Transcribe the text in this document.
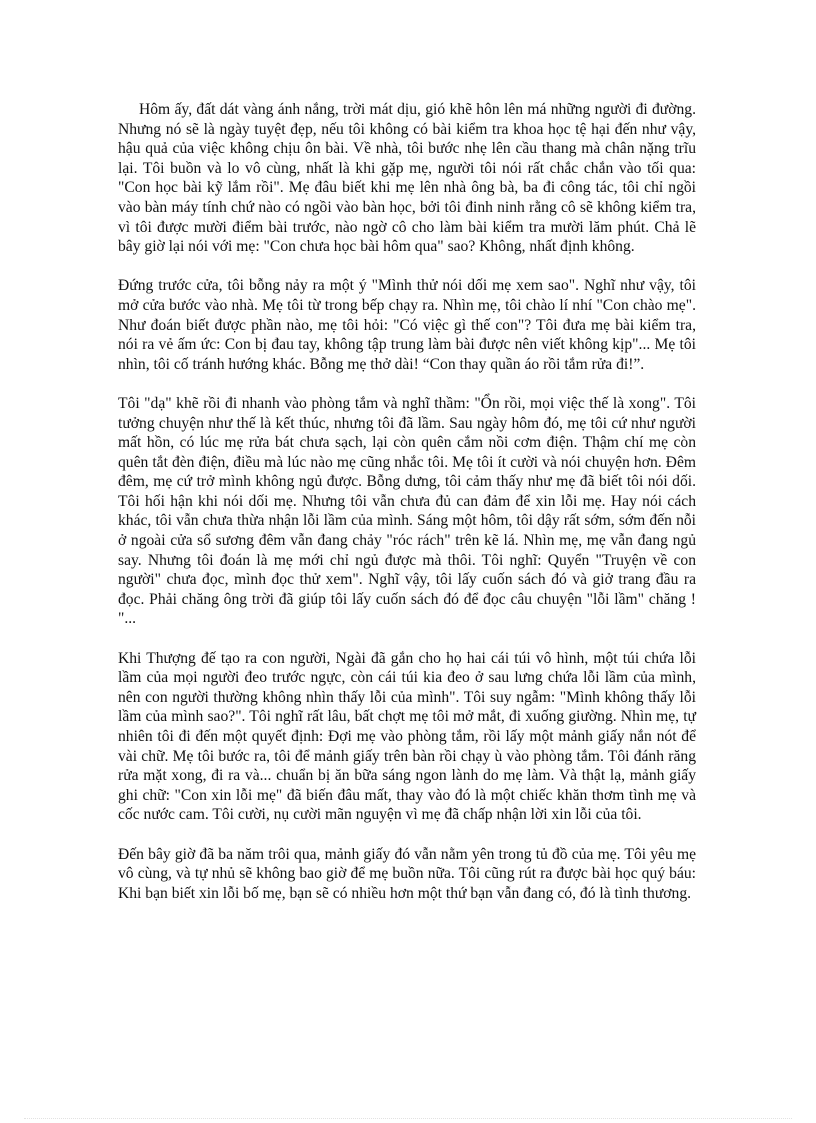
Hôm ấy, đất dát vàng ánh nắng, trời mát dịu, gió khẽ hôn lên má những người đi đường. Nhưng nó sẽ là ngày tuyệt đẹp, nếu tôi không có bài kiểm tra khoa học tệ hại đến như vậy, hậu quả của việc không chịu ôn bài. Về nhà, tôi bước nhẹ lên cầu thang mà chân nặng trĩu lại. Tôi buồn và lo vô cùng, nhất là khi gặp mẹ, người tôi nói rất chắc chắn vào tối qua: "Con học bài kỹ lắm rồi". Mẹ đâu biết khi mẹ lên nhà ông bà, ba đi công tác, tôi chỉ ngồi vào bàn máy tính chứ nào có ngồi vào bàn học, bởi tôi đinh ninh rằng cô sẽ không kiểm tra, vì tôi được mười điểm bài trước, nào ngờ cô cho làm bài kiểm tra mười lăm phút. Chả lẽ bây giờ lại nói với mẹ: "Con chưa học bài hôm qua" sao? Không, nhất định không.

Đứng trước cửa, tôi bỗng nảy ra một ý "Mình thử nói dối mẹ xem sao". Nghĩ như vậy, tôi mở cửa bước vào nhà. Mẹ tôi từ trong bếp chạy ra. Nhìn mẹ, tôi chào lí nhí "Con chào mẹ". Như đoán biết được phần nào, mẹ tôi hỏi: "Có việc gì thế con"? Tôi đưa mẹ bài kiểm tra, nói ra vẻ ấm ức: Con bị đau tay, không tập trung làm bài được nên viết không kịp"... Mẹ tôi nhìn, tôi cố tránh hướng khác. Bỗng mẹ thở dài! “Con thay quần áo rồi tắm rửa đi!”.

Tôi "dạ" khẽ rồi đi nhanh vào phòng tắm và nghĩ thầm: "Ổn rồi, mọi việc thế là xong". Tôi tưởng chuyện như thế là kết thúc, nhưng tôi đã lầm. Sau ngày hôm đó, mẹ tôi cứ như người mất hồn, có lúc mẹ rửa bát chưa sạch, lại còn quên cắm nồi cơm điện. Thậm chí mẹ còn quên tắt đèn điện, điều mà lúc nào mẹ cũng nhắc tôi. Mẹ tôi ít cười và nói chuyện hơn. Đêm đêm, mẹ cứ trở mình không ngủ được. Bỗng dưng, tôi cảm thấy như mẹ đã biết tôi nói dối. Tôi hối hận khi nói dối mẹ. Nhưng tôi vẫn chưa đủ can đảm để xin lỗi mẹ. Hay nói cách khác, tôi vẫn chưa thừa nhận lỗi lầm của mình. Sáng một hôm, tôi dậy rất sớm, sớm đến nỗi ở ngoài cửa sổ sương đêm vẫn đang chảy "róc rách" trên kẽ lá. Nhìn mẹ, mẹ vẫn đang ngủ say. Nhưng tôi đoán là mẹ mới chỉ ngủ được mà thôi. Tôi nghĩ: Quyển "Truyện về con người" chưa đọc, mình đọc thử xem". Nghĩ vậy, tôi lấy cuốn sách đó và giở trang đầu ra đọc. Phải chăng ông trời đã giúp tôi lấy cuốn sách đó để đọc câu chuyện "lỗi lầm" chăng ! "...

Khi Thượng đế tạo ra con người, Ngài đã gắn cho họ hai cái túi vô hình, một túi chứa lỗi lầm của mọi người đeo trước ngực, còn cái túi kia đeo ở sau lưng chứa lỗi lầm của mình, nên con người thường không nhìn thấy lỗi của mình". Tôi suy ngẫm: "Mình không thấy lỗi lầm của mình sao?". Tôi nghĩ rất lâu, bất chợt mẹ tôi mở mắt, đi xuống giường. Nhìn mẹ, tự nhiên tôi đi đến một quyết định: Đợi mẹ vào phòng tắm, rồi lấy một mảnh giấy nắn nót để vài chữ. Mẹ tôi bước ra, tôi để mảnh giấy trên bàn rồi chạy ù vào phòng tắm. Tôi đánh răng rửa mặt xong, đi ra và... chuẩn bị ăn bữa sáng ngon lành do mẹ làm. Và thật lạ, mảnh giấy ghi chữ: "Con xin lỗi mẹ" đã biến đâu mất, thay vào đó là một chiếc khăn thơm tình mẹ và cốc nước cam. Tôi cười, nụ cười mãn nguyện vì mẹ đã chấp nhận lời xin lỗi của tôi.

Đến bây giờ đã ba năm trôi qua, mảnh giấy đó vẫn nằm yên trong tủ đồ của mẹ. Tôi yêu mẹ vô cùng, và tự nhủ sẽ không bao giờ để mẹ buồn nữa. Tôi cũng rút ra được bài học quý báu: Khi bạn biết xin lỗi bố mẹ, bạn sẽ có nhiều hơn một thứ bạn vẫn đang có, đó là tình thương.
